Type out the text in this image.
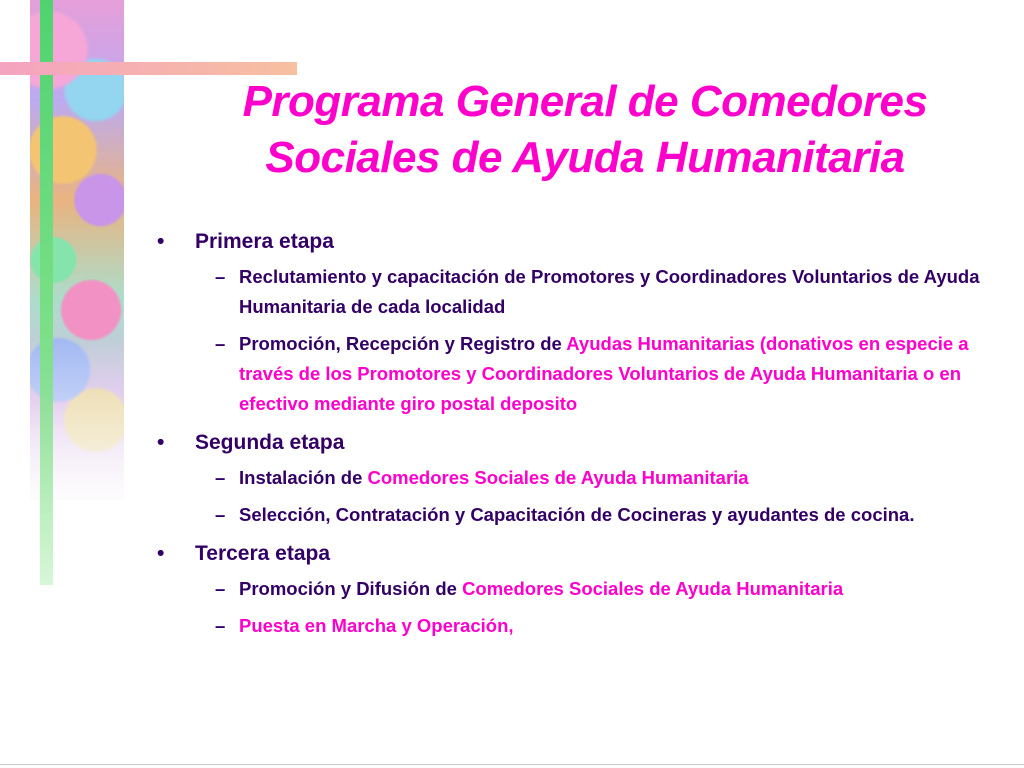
Programa General de Comedores
Sociales de Ayuda Humanitaria
• Primera etapa
– Reclutamiento y capacitación de Promotores y Coordinadores Voluntarios de Ayuda Humanitaria de cada localidad
– Promoción, Recepción y Registro de Ayudas Humanitarias (donativos en especie a través de los Promotores y Coordinadores Voluntarios de Ayuda Humanitaria o en efectivo mediante giro postal deposito
• Segunda etapa
– Instalación de Comedores Sociales de Ayuda Humanitaria
– Selección, Contratación y Capacitación de Cocineras y ayudantes de cocina.
• Tercera etapa
– Promoción y Difusión de Comedores Sociales de Ayuda Humanitaria
– Puesta en Marcha y Operación,
